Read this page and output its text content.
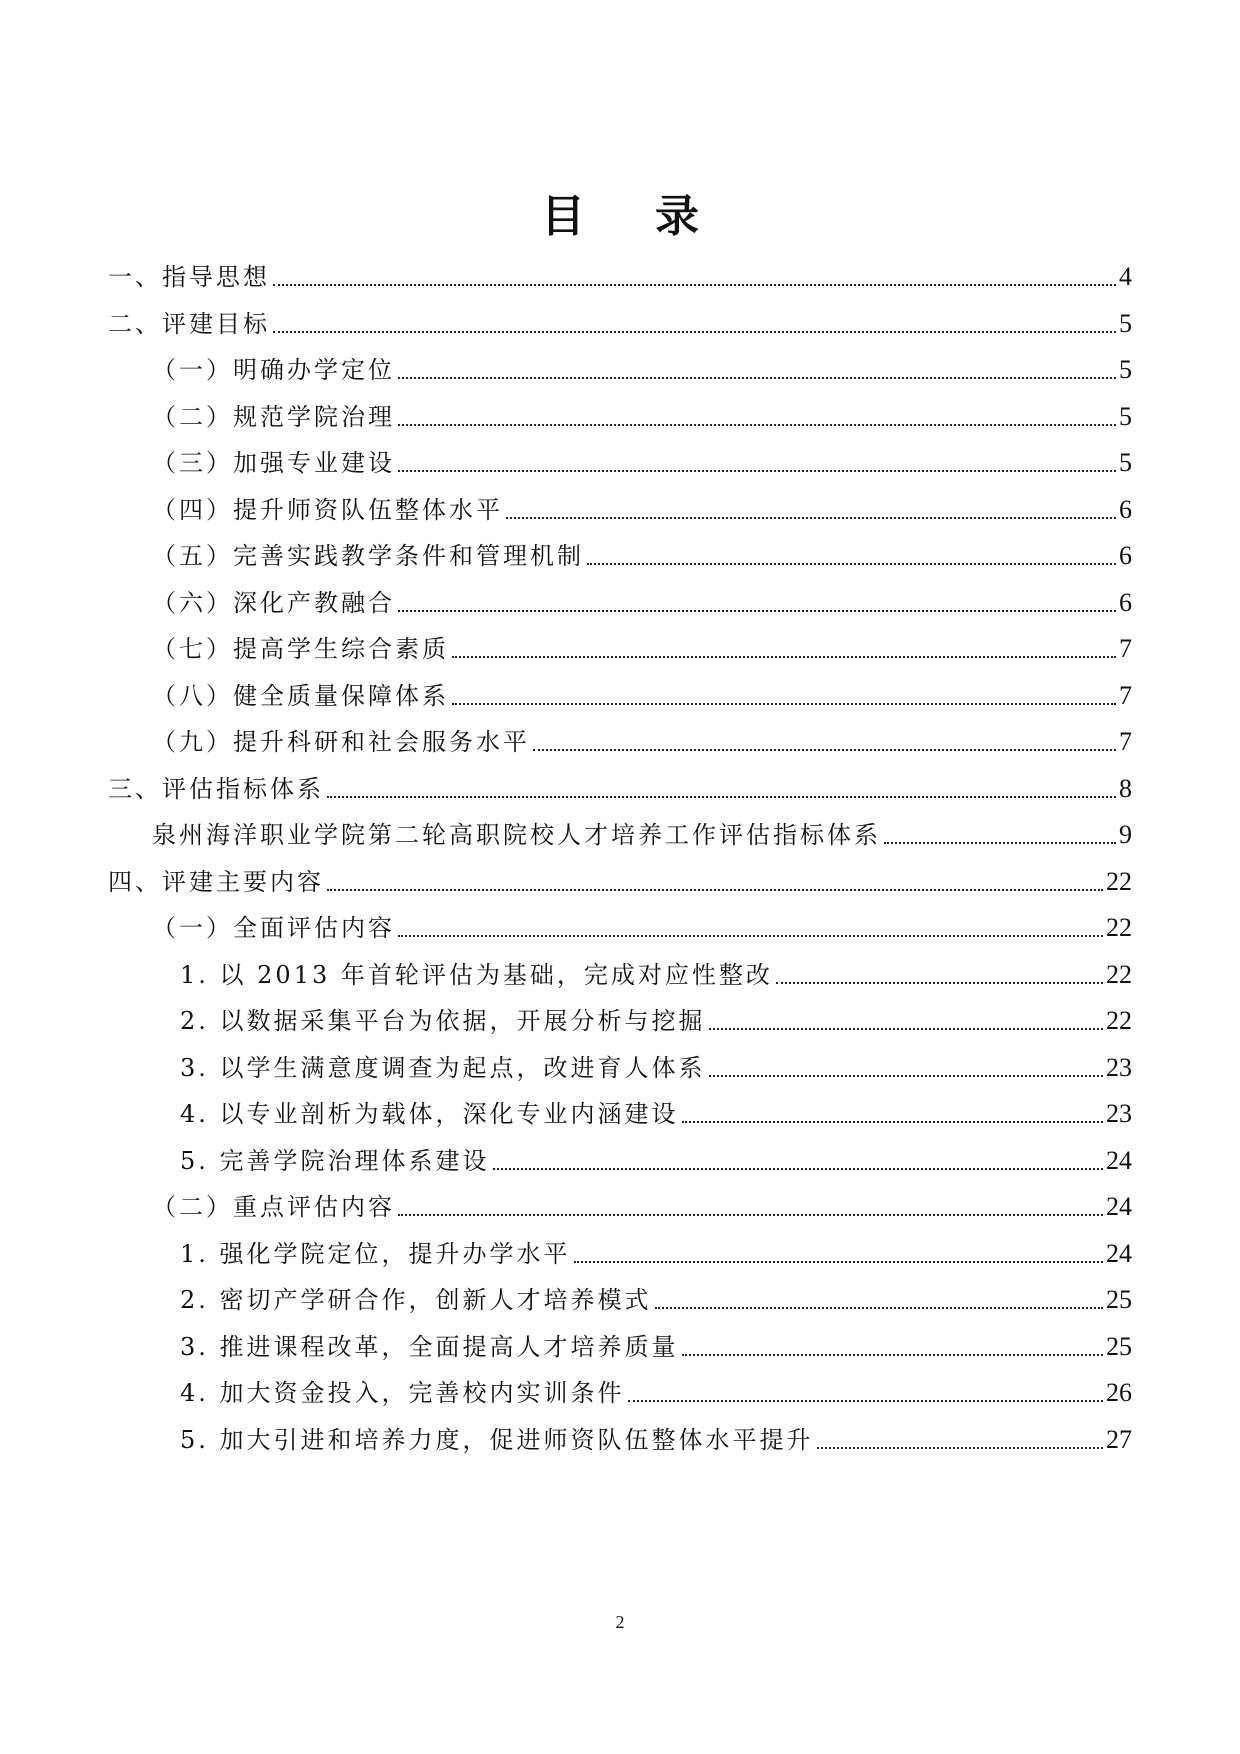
目 录
一、指导思想	4
二、评建目标	5
（一）明确办学定位	5
（二）规范学院治理	5
（三）加强专业建设	5
（四）提升师资队伍整体水平	6
（五）完善实践教学条件和管理机制	6
（六）深化产教融合	6
（七）提高学生综合素质	7
（八）健全质量保障体系	7
（九）提升科研和社会服务水平	7
三、评估指标体系	8
泉州海洋职业学院第二轮高职院校人才培养工作评估指标体系	9
四、评建主要内容	22
（一）全面评估内容	22
1. 以 2013 年首轮评估为基础，完成对应性整改	22
2. 以数据采集平台为依据，开展分析与挖掘	22
3. 以学生满意度调查为起点，改进育人体系	23
4. 以专业剖析为载体，深化专业内涵建设	23
5. 完善学院治理体系建设	24
（二）重点评估内容	24
1. 强化学院定位，提升办学水平	24
2. 密切产学研合作，创新人才培养模式	25
3. 推进课程改革，全面提高人才培养质量	25
4. 加大资金投入，完善校内实训条件	26
5. 加大引进和培养力度，促进师资队伍整体水平提升	27
2
